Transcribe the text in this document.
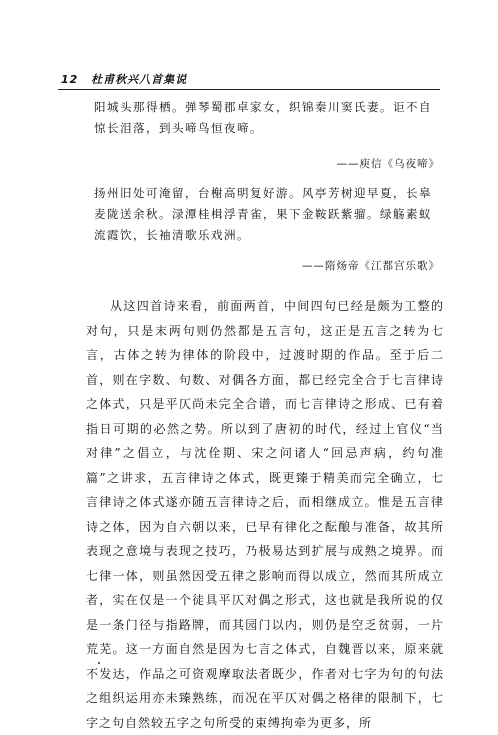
12 杜甫秋兴八首集说

阳城头那得栖。弹琴蜀郡卓家女，织锦秦川窦氏妻。讵不自惊长泪落，到头啼鸟恒夜啼。

——庾信《乌夜啼》

扬州旧处可淹留，台榭高明复好游。风亭芳树迎早夏，长皋麦陇送余秋。渌潭桂楫浮青雀，果下金鞍跃紫骝。绿觞素蚁流霞饮，长袖清歌乐戏洲。

——隋炀帝《江都宫乐歌》

从这四首诗来看，前面两首，中间四句已经是颇为工整的对句，只是末两句则仍然都是五言句，这正是五言之转为七言，古体之转为律体的阶段中，过渡时期的作品。至于后二首，则在字数、句数、对偶各方面，都已经完全合于七言律诗之体式，只是平仄尚未完全合谱，而七言律诗之形成、已有着指日可期的必然之势。所以到了唐初的时代，经过上官仪“当对律”之倡立，与沈佺期、宋之问诸人“回忌声病，约句准篇”之讲求，五言律诗之体式，既更臻于精美而完全确立，七言律诗之体式遂亦随五言律诗之后，而相继成立。惟是五言律诗之体，因为自六朝以来，已早有律化之酝酿与准备，故其所表现之意境与表现之技巧，乃极易达到扩展与成熟之境界。而七律一体，则虽然因受五律之影响而得以成立，然而其所成立者，实在仅是一个徒具平仄对偶之形式，这也就是我所说的仅是一条门径与指路牌，而其园门以内，则仍是空乏贫弱，一片荒芜。这一方面自然是因为七言之体式，自魏晋以来，原来就不发达，作品之可资观摩取法者既少，作者对七字为句的句法之组织运用亦未臻熟练，而况在平仄对偶之格律的限制下，七字之句自然较五字之句所受的束缚拘牵为更多，所
